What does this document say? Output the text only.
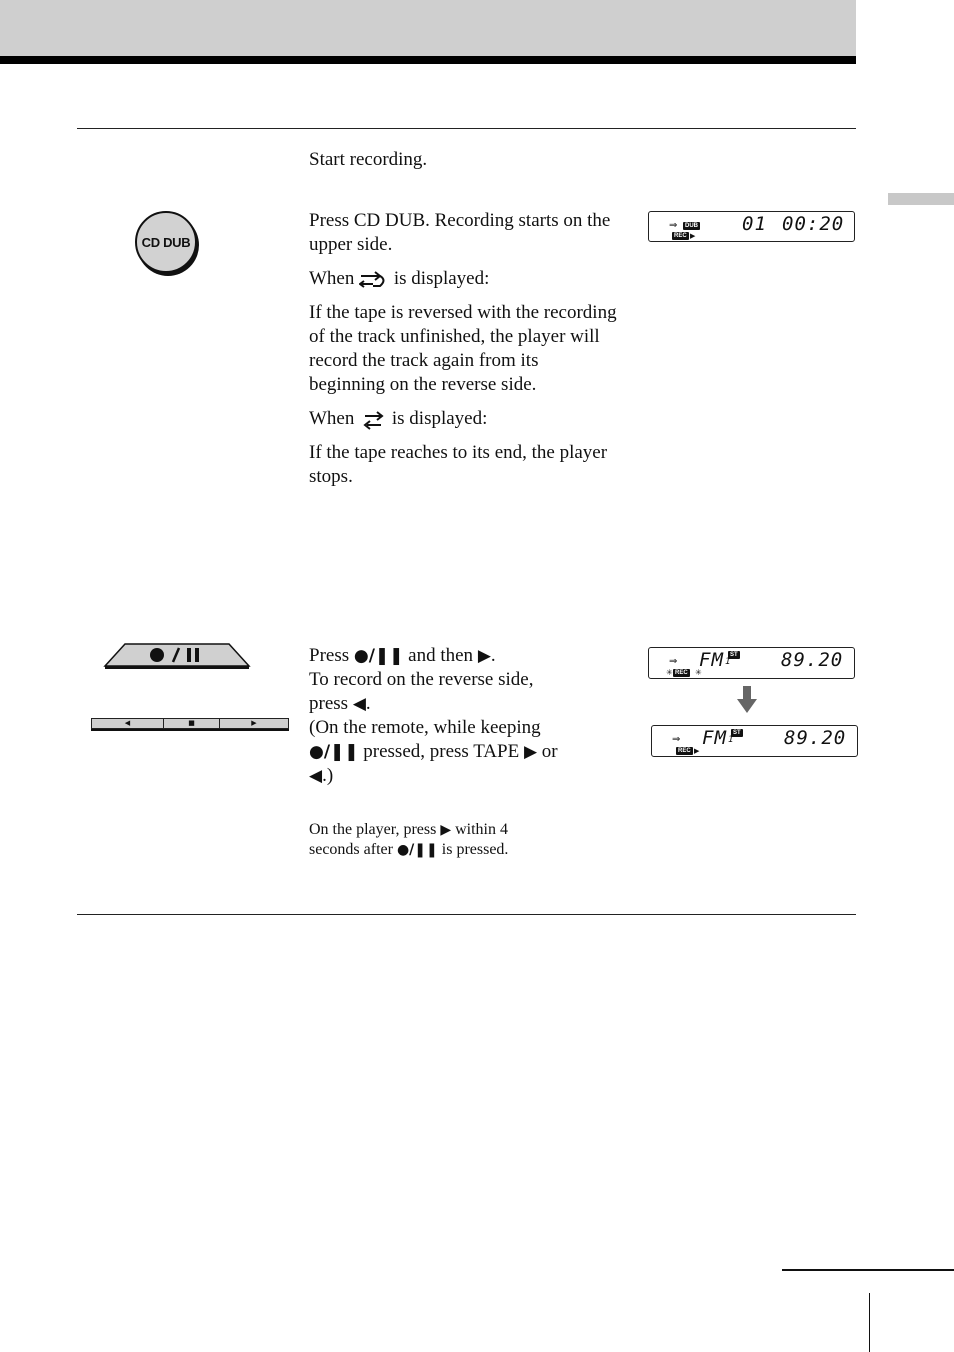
Start recording.
CD DUB

Press CD DUB. Recording starts on the upper side.

When is displayed:

If the tape is reversed with the recording of the track unfinished, the player will record the track again from its beginning on the reverse side.

When is displayed:

If the tape reaches to its end, the player stops.

⇒	DUB
REC ▶
01 00:20
◀	■	▶
Press ●/❚❚ and then ▶.
To record on the reverse side,
press ◀.
(On the remote, while keeping
●/❚❚ pressed, press TAPE ▶ or
◀.)
On the player, press ▶ within 4
seconds after ●/❚❚ is pressed.
⇒ FM	ST
1	89.20
REC
✳	✳
⇒ FM	ST
1	89.20
REC ▶
